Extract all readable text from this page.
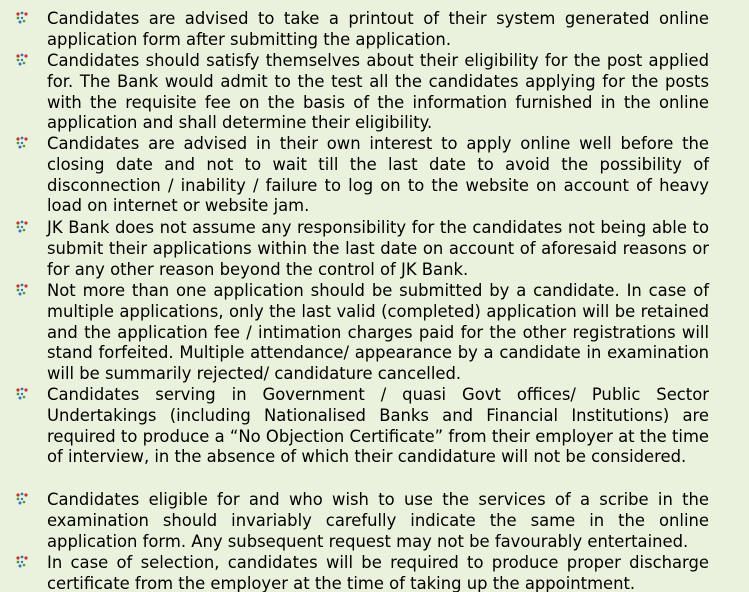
Candidates are advised to take a printout of their system generated online application form after submitting the application.

Candidates should satisfy themselves about their eligibility for the post applied for. The Bank would admit to the test all the candidates applying for the posts with the requisite fee on the basis of the information furnished in the online application and shall determine their eligibility.

Candidates are advised in their own interest to apply online well before the closing date and not to wait till the last date to avoid the possibility of disconnection / inability / failure to log on to the website on account of heavy load on internet or website jam.

JK Bank does not assume any responsibility for the candidates not being able to submit their applications within the last date on account of aforesaid reasons or for any other reason beyond the control of JK Bank.

Not more than one application should be submitted by a candidate. In case of multiple applications, only the last valid (completed) application will be retained and the application fee / intimation charges paid for the other registrations will stand forfeited. Multiple attendance/ appearance by a candidate in examination will be summarily rejected/ candidature cancelled.

Candidates serving in Government / quasi Govt offices/ Public Sector Undertakings (including Nationalised Banks and Financial Institutions) are required to produce a “No Objection Certificate” from their employer at the time of interview, in the absence of which their candidature will not be considered.

Candidates eligible for and who wish to use the services of a scribe in the examination should invariably carefully indicate the same in the online application form. Any subsequent request may not be favourably entertained.

In case of selection, candidates will be required to produce proper discharge certificate from the employer at the time of taking up the appointment.
